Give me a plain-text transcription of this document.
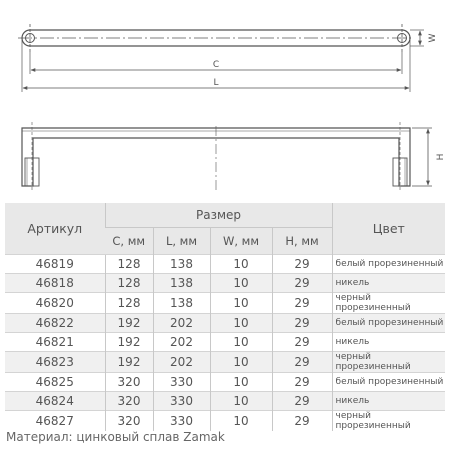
W
C
L
H
Артикул	Размер				Цвет
	C, мм	L, мм	W, мм	H, мм	
46819	128	138	10	29	белый прорезиненный
46818	128	138	10	29	никель
46820	128	138	10	29	черный прорезиненный
46822	192	202	10	29	белый прорезиненный
46821	192	202	10	29	никель
46823	192	202	10	29	черный прорезиненный
46825	320	330	10	29	белый прорезиненный
46824	320	330	10	29	никель
46827	320	330	10	29	черный прорезиненный
Материал: цинковый сплав Zamak
